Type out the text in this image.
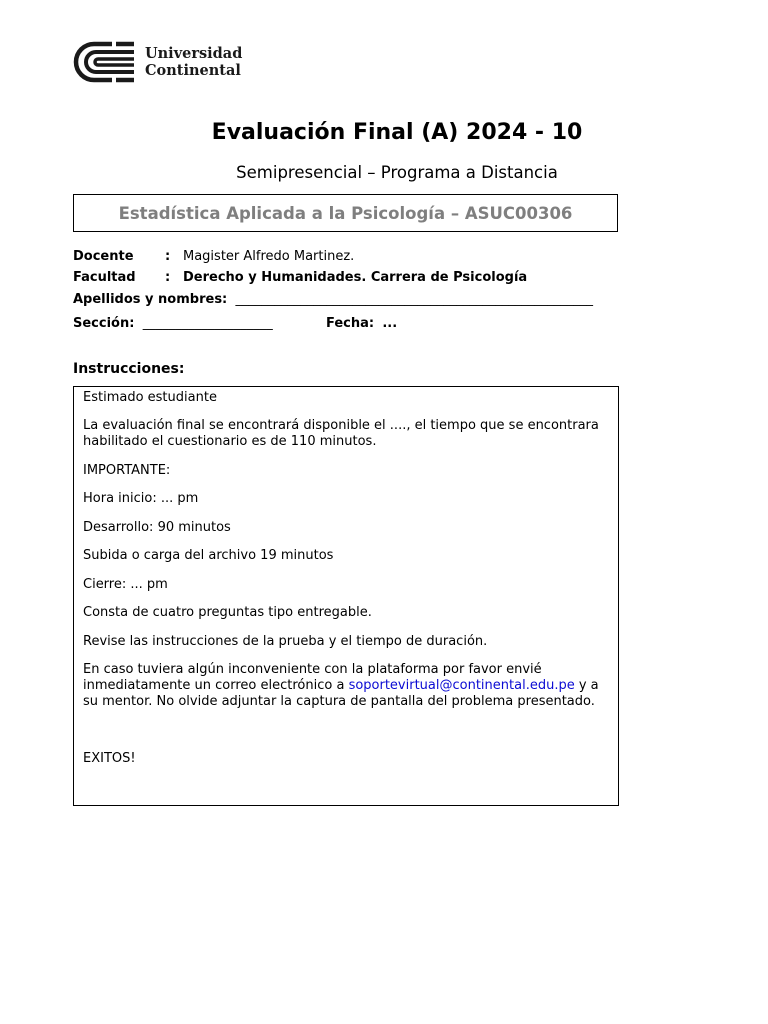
Universidad
Continental
Evaluación Final (A) 2024 - 10
Semipresencial – Programa a Distancia
Estadística Aplicada a la Psicología – ASUC00306
Docente : Magister Alfredo Martinez.
Facultad : Derecho y Humanidades. Carrera de Psicología
Apellidos y nombres: _______________________________________________________
Sección: ____________________	Fecha: ...
Instrucciones:

Estimado estudiante

La evaluación final se encontrará disponible el ...., el tiempo que se encontrara habilitado el cuestionario es de 110 minutos.

IMPORTANTE:

Hora inicio: ... pm

Desarrollo: 90 minutos

Subida o carga del archivo 19 minutos

Cierre: ... pm

Consta de cuatro preguntas tipo entregable.

Revise las instrucciones de la prueba y el tiempo de duración.

En caso tuviera algún inconveniente con la plataforma por favor envié inmediatamente un correo electrónico a soportevirtual@continental.edu.pe y a su mentor. No olvide adjuntar la captura de pantalla del problema presentado.

EXITOS!
